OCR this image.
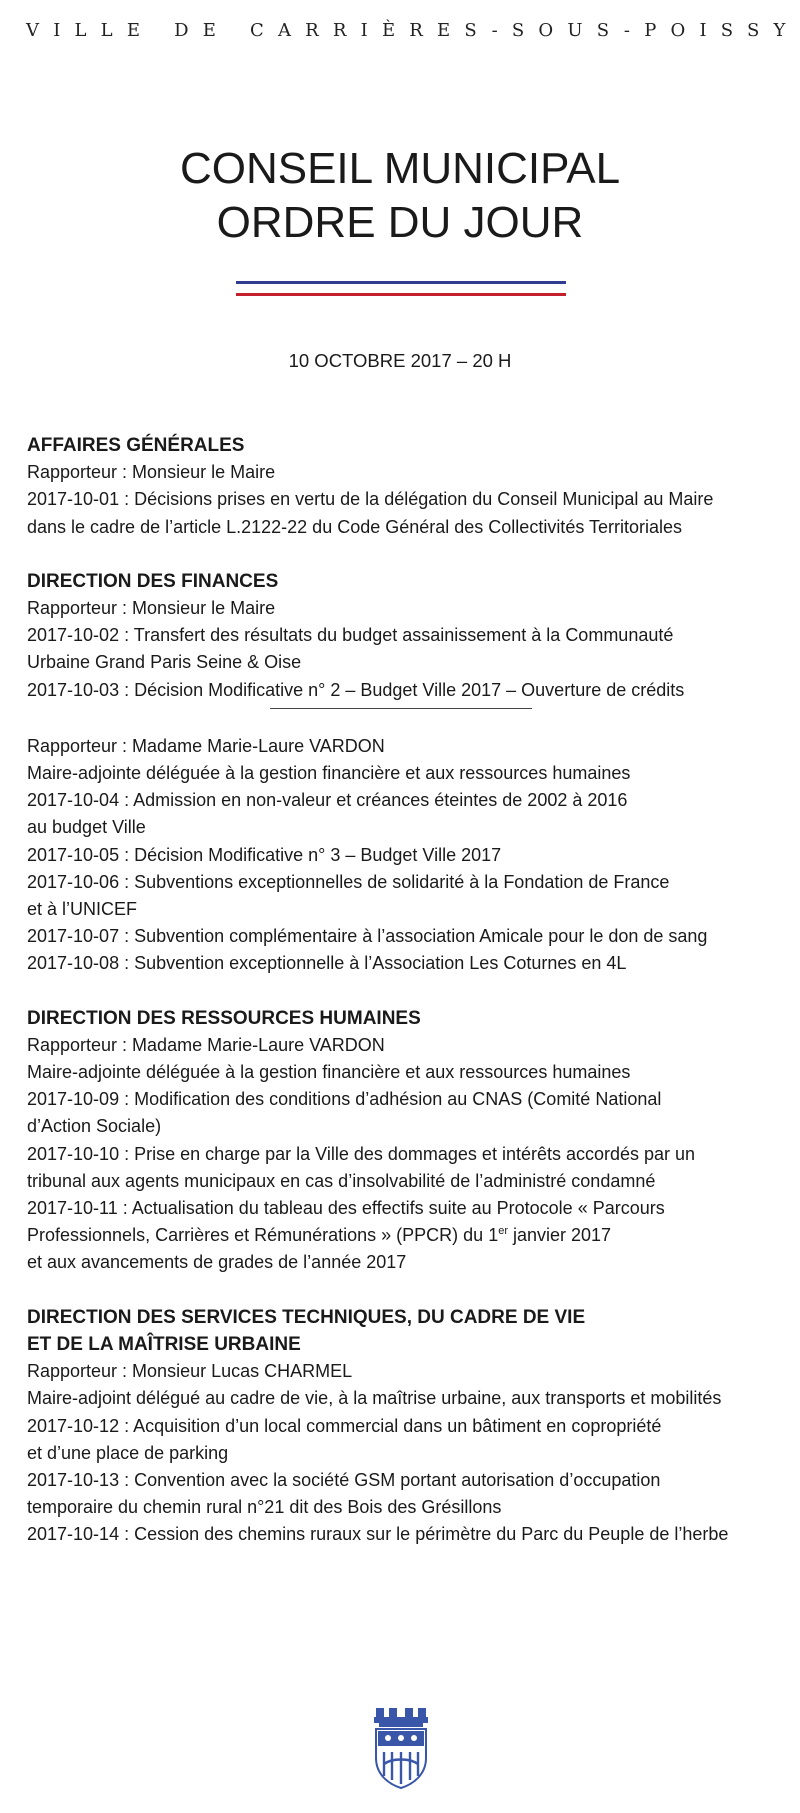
VILLE DE CARRIÈRES-SOUS-POISSY
CONSEIL MUNICIPAL
ORDRE DU JOUR
10 OCTOBRE 2017 – 20 H
AFFAIRES GÉNÉRALES
Rapporteur : Monsieur le Maire
2017-10-01 : Décisions prises en vertu de la délégation du Conseil Municipal au Maire
dans le cadre de l’article L.2122-22 du Code Général des Collectivités Territoriales
DIRECTION DES FINANCES
Rapporteur : Monsieur le Maire
2017-10-02 : Transfert des résultats du budget assainissement à la Communauté
Urbaine Grand Paris Seine & Oise
2017-10-03 : Décision Modificative n° 2 – Budget Ville 2017 – Ouverture de crédits
Rapporteur : Madame Marie-Laure VARDON
Maire-adjointe déléguée à la gestion financière et aux ressources humaines
2017-10-04 : Admission en non-valeur et créances éteintes de 2002 à 2016
au budget Ville
2017-10-05 : Décision Modificative n° 3 – Budget Ville 2017
2017-10-06 : Subventions exceptionnelles de solidarité à la Fondation de France
et à l’UNICEF
2017-10-07 : Subvention complémentaire à l’association Amicale pour le don de sang
2017-10-08 : Subvention exceptionnelle à l’Association Les Coturnes en 4L
DIRECTION DES RESSOURCES HUMAINES
Rapporteur : Madame Marie-Laure VARDON
Maire-adjointe déléguée à la gestion financière et aux ressources humaines
2017-10-09 : Modification des conditions d’adhésion au CNAS (Comité National
d’Action Sociale)
2017-10-10 : Prise en charge par la Ville des dommages et intérêts accordés par un
tribunal aux agents municipaux en cas d’insolvabilité de l’administré condamné
2017-10-11 : Actualisation du tableau des effectifs suite au Protocole « Parcours
Professionnels, Carrières et Rémunérations » (PPCR) du 1er janvier 2017
et aux avancements de grades de l’année 2017
DIRECTION DES SERVICES TECHNIQUES, DU CADRE DE VIE
ET DE LA MAÎTRISE URBAINE
Rapporteur : Monsieur Lucas CHARMEL
Maire-adjoint délégué au cadre de vie, à la maîtrise urbaine, aux transports et mobilités
2017-10-12 : Acquisition d’un local commercial dans un bâtiment en copropriété
et d’une place de parking
2017-10-13 : Convention avec la société GSM portant autorisation d’occupation
temporaire du chemin rural n°21 dit des Bois des Grésillons
2017-10-14 : Cession des chemins ruraux sur le périmètre du Parc du Peuple de l’herbe
